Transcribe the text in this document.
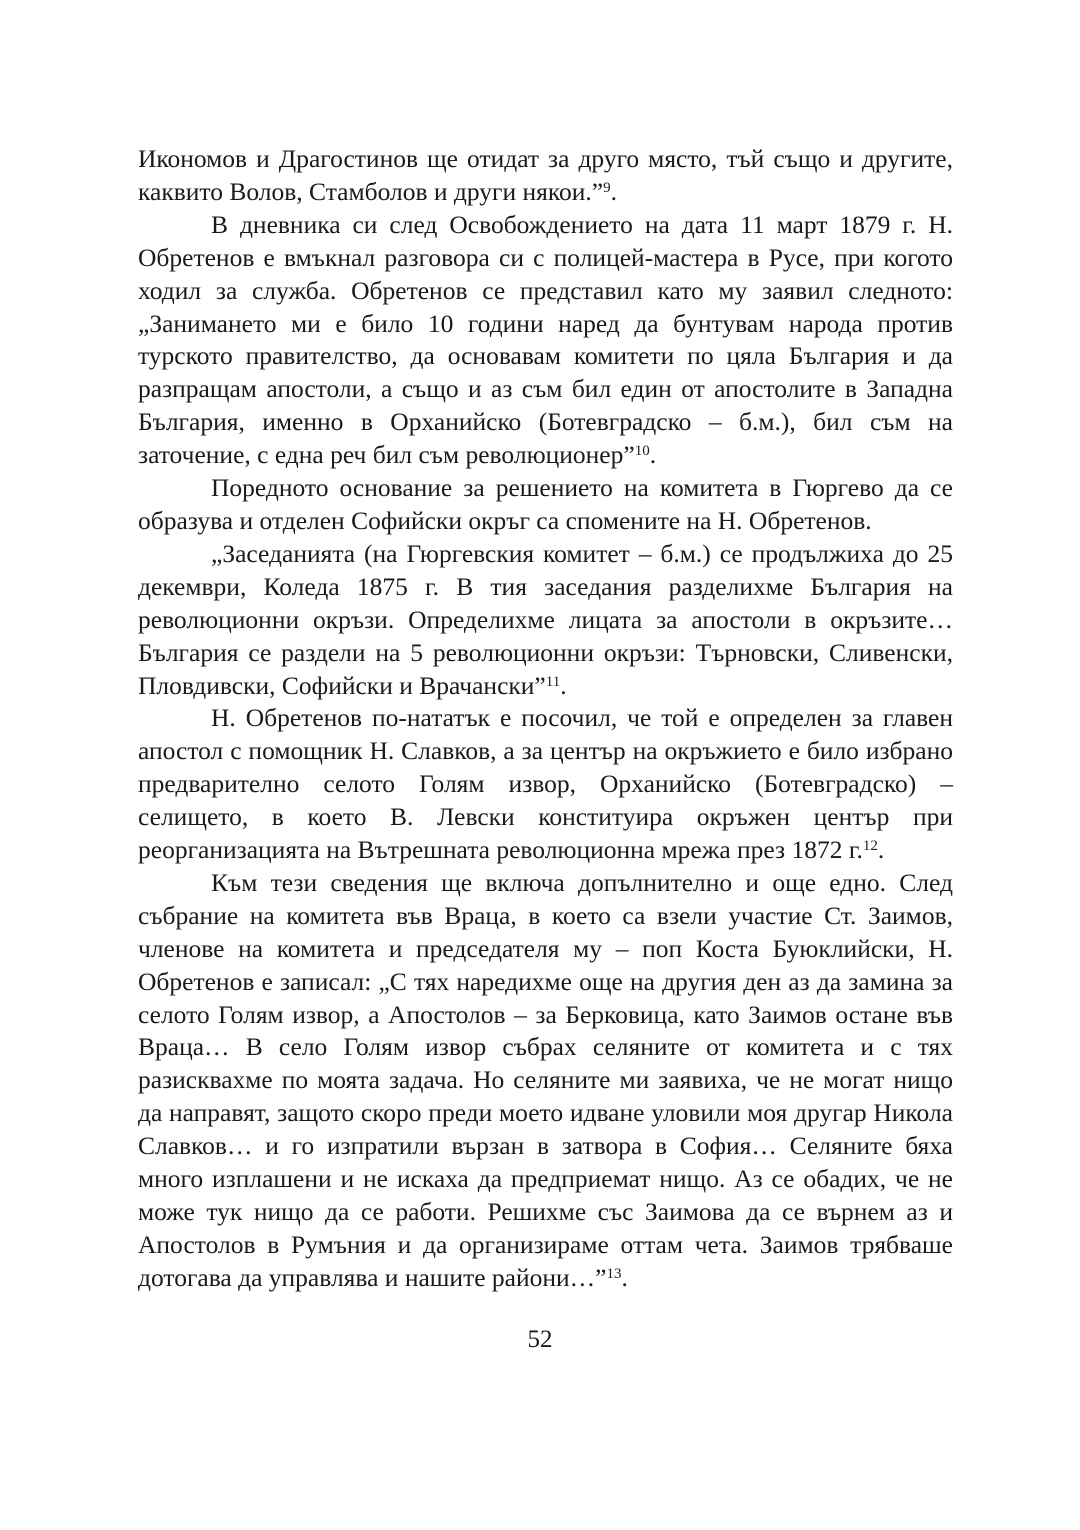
Икономов и Драгостинов ще отидат за друго място, тъй също и другите, каквито Волов, Стамболов и други някои.”$^9$.

В дневника си след Освобождението на дата 11 март 1879 г. Н. Обретенов е вмъкнал разговора си с полицей-мастера в Русе, при когото ходил за служба. Обретенов се представил като му заявил следното: „Занимането ми е било 10 години наред да бунтувам народа против турското правителство, да основавам комитети по цяла България и да разпращам апостоли, а също и аз съм бил един от апостолите в Западна България, именно в Орханийско (Ботевградско – б.м.), бил съм на заточение, с една реч бил съм революционер”$^{10}$.

Поредното основание за решението на комитета в Гюргево да се образува и отделен Софийски окръг са спомените на Н. Обретенов.

„Заседанията (на Гюргевския комитет – б.м.) се продължиха до 25 декември, Коледа 1875 г. В тия заседания разделихме България на революционни окръзи. Определихме лицата за апостоли в окръзите… България се раздели на 5 революционни окръзи: Търновски, Сливенски, Пловдивски, Софийски и Врачански”$^{11}$.

Н. Обретенов по-нататък е посочил, че той е определен за главен апостол с помощник Н. Славков, а за център на окръжието е било избрано предварително селото Голям извор, Орханийско (Ботевградско) – селището, в което В. Левски конституира окръжен център при реорганизацията на Вътрешната революционна мрежа през 1872 г.$^{12}$.

Към тези сведения ще включа допълнително и още едно. След събрание на комитета във Враца, в което са взели участие Ст. Заимов, членове на комитета и председателя му – поп Коста Буюклийски, Н. Обретенов е записал: „С тях наредихме още на другия ден аз да замина за селото Голям извор, а Апостолов – за Берковица, като Заимов остане във Враца… В село Голям извор събрах селяните от комитета и с тях разисквахме по моята задача. Но селяните ми заявиха, че не могат нищо да направят, защото скоро преди моето идване уловили моя другар Никола Славков… и го изпратили вързан в затвора в София… Селяните бяха много изплашени и не искаха да предприемат нищо. Аз се обадих, че не може тук нищо да се работи. Решихме със Заимова да се върнем аз и Апостолов в Румъния и да организираме оттам чета. Заимов трябваше дотогава да управлява и нашите райони…”$^{13}$.

52
